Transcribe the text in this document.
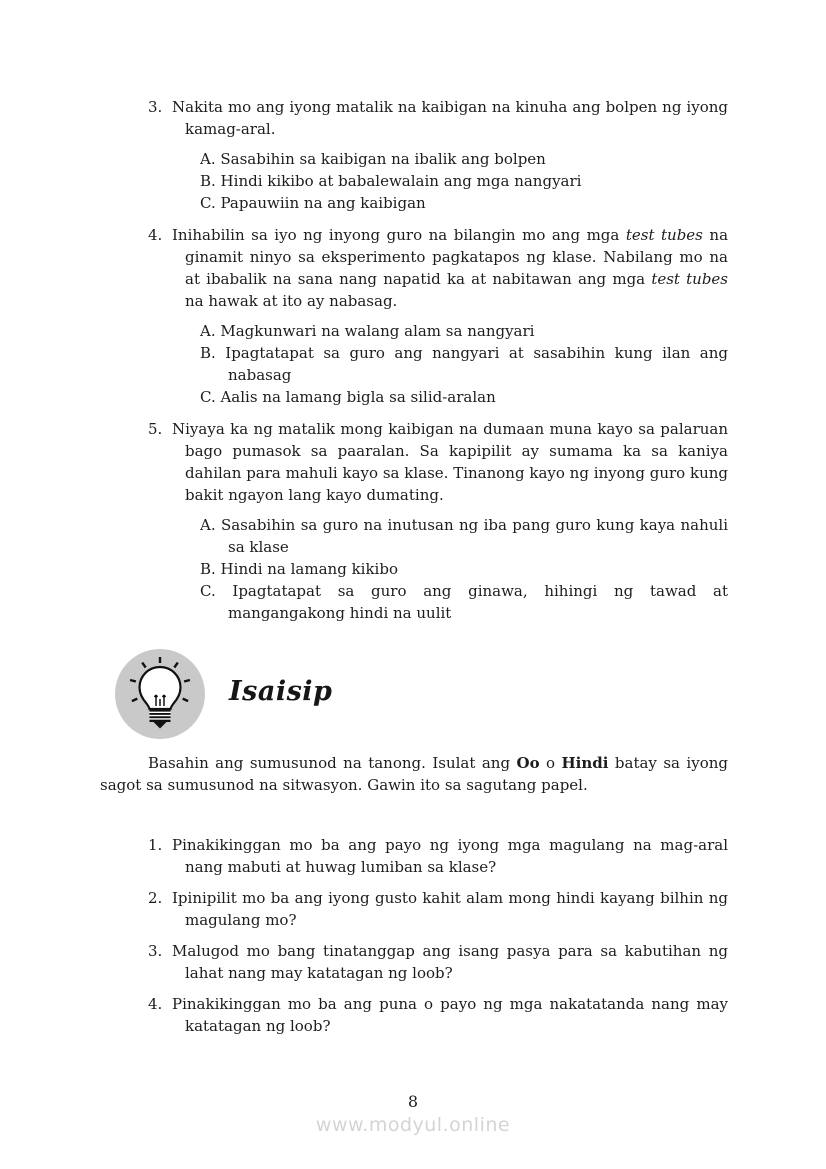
3. Nakita mo ang iyong matalik na kaibigan na kinuha ang bolpen ng iyong kamag-aral.

A. Sasabihin sa kaibigan na ibalik ang bolpen

B. Hindi kikibo at babalewalain ang mga nangyari

C. Papauwiin na ang kaibigan

4. Inihabilin sa iyo ng inyong guro na bilangin mo ang mga test tubes na ginamit ninyo sa eksperimento pagkatapos ng klase. Nabilang mo na at ibabalik na sana nang napatid ka at nabitawan ang mga test tubes na hawak at ito ay nabasag.

A. Magkunwari na walang alam sa nangyari

B. Ipagtatapat sa guro ang nangyari at sasabihin kung ilan ang nabasag

C. Aalis na lamang bigla sa silid-aralan

5. Niyaya ka ng matalik mong kaibigan na dumaan muna kayo sa palaruan bago pumasok sa paaralan. Sa kapipilit ay sumama ka sa kaniya dahilan para mahuli kayo sa klase. Tinanong kayo ng inyong guro kung bakit ngayon lang kayo dumating.

A. Sasabihin sa guro na inutusan ng iba pang guro kung kaya nahuli sa klase

B. Hindi na lamang kikibo

C. Ipagtatapat sa guro ang ginawa, hihingi ng tawad at mangangakong hindi na uulit

Isaisip

Basahin ang sumusunod na tanong. Isulat ang Oo o Hindi batay sa iyong sagot sa sumusunod na sitwasyon. Gawin ito sa sagutang papel.

1. Pinakikinggan mo ba ang payo ng iyong mga magulang na mag-aral nang mabuti at huwag lumiban sa klase?

2. Ipinipilit mo ba ang iyong gusto kahit alam mong hindi kayang bilhin ng magulang mo?

3. Malugod mo bang tinatanggap ang isang pasya para sa kabutihan ng lahat nang may katatagan ng loob?

4. Pinakikinggan mo ba ang puna o payo ng mga nakatatanda nang may katatagan ng loob?

8
www.modyul.online
